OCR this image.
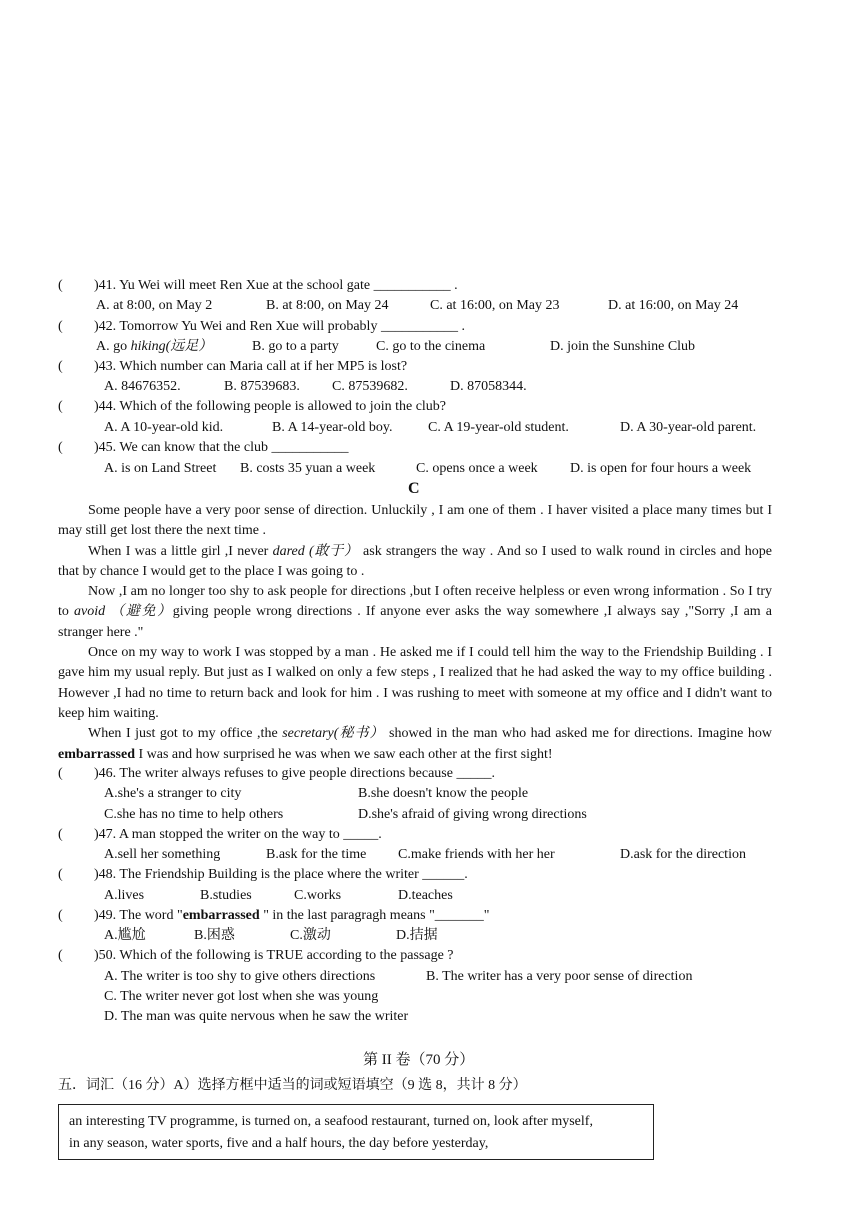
( )41. Yu Wei will meet Ren Xue at the school gate ___________ .
A. at 8:00, on May 2	B. at 8:00, on May 24	C. at 16:00, on May 23	D. at 16:00, on May 24
( )42. Tomorrow Yu Wei and Ren Xue will probably ___________ .
A. go hiking(远足）	B. go to a party	C. go to the cinema	D. join the Sunshine Club
( )43. Which number can Maria call at if her MP5 is lost?
A. 84676352.	B. 87539683. C. 87539682.	D. 87058344.
( )44. Which of the following people is allowed to join the club?
A. A 10-year-old kid.	B. A 14-year-old boy.	C. A 19-year-old student.	D. A 30-year-old parent.
( )45. We can know that the club ___________
A. is on Land Street B. costs 35 yuan a week	C. opens once a week D. is open for four hours a week
C

Some people have a very poor sense of direction. Unluckily , I am one of them . I haver visited a place many times but I may still get lost there the next time .

When I was a little girl ,I never dared (敢于） ask strangers the way . And so I used to walk round in circles and hope that by chance I would get to the place I was going to .

Now ,I am no longer too shy to ask people for directions ,but I often receive helpless or even wrong information . So I try to avoid （避免）giving people wrong directions . If anyone ever asks the way somewhere ,I always say ,"Sorry ,I am a stranger here ."

Once on my way to work I was stopped by a man . He asked me if I could tell him the way to the Friendship Building . I gave him my usual reply. But just as I walked on only a few steps , I realized that he had asked the way to my office building . However ,I had no time to return back and look for him . I was rushing to meet with someone at my office and I didn't want to keep him waiting.

When I just got to my office ,the secretary(秘书） showed in the man who had asked me for directions. Imagine how embarrassed I was and how surprised he was when we saw each other at the first sight!

( )46. The writer always refuses to give people directions because _____.
A.she's a stranger to city	B.she doesn't know the people
C.she has no time to help others	D.she's afraid of giving wrong directions
( )47. A man stopped the writer on the way to _____.
A.sell her something	B.ask for the time C.make friends with her her	D.ask for the direction
( )48. The Friendship Building is the place where the writer ______.
A.lives	B.studies	C.works	D.teaches
( )49. The word "embarrassed " in the last paragragh means "_______"
A.尴尬	B.困惑	C.激动	D.拮据
( )50. Which of the following is TRUE according to the passage ?
A. The writer is too shy to give others directions	B. The writer has a very poor sense of direction
C. The writer never got lost when she was young
D. The man was quite nervous when he saw the writer
第 II 卷（70 分）
五．词汇（16 分）A）选择方框中适当的词或短语填空（9 选 8，共计 8 分）
an interesting TV programme, is turned on, a seafood restaurant, turned on, look after myself,
in any season, water sports, five and a half hours, the day before yesterday,
